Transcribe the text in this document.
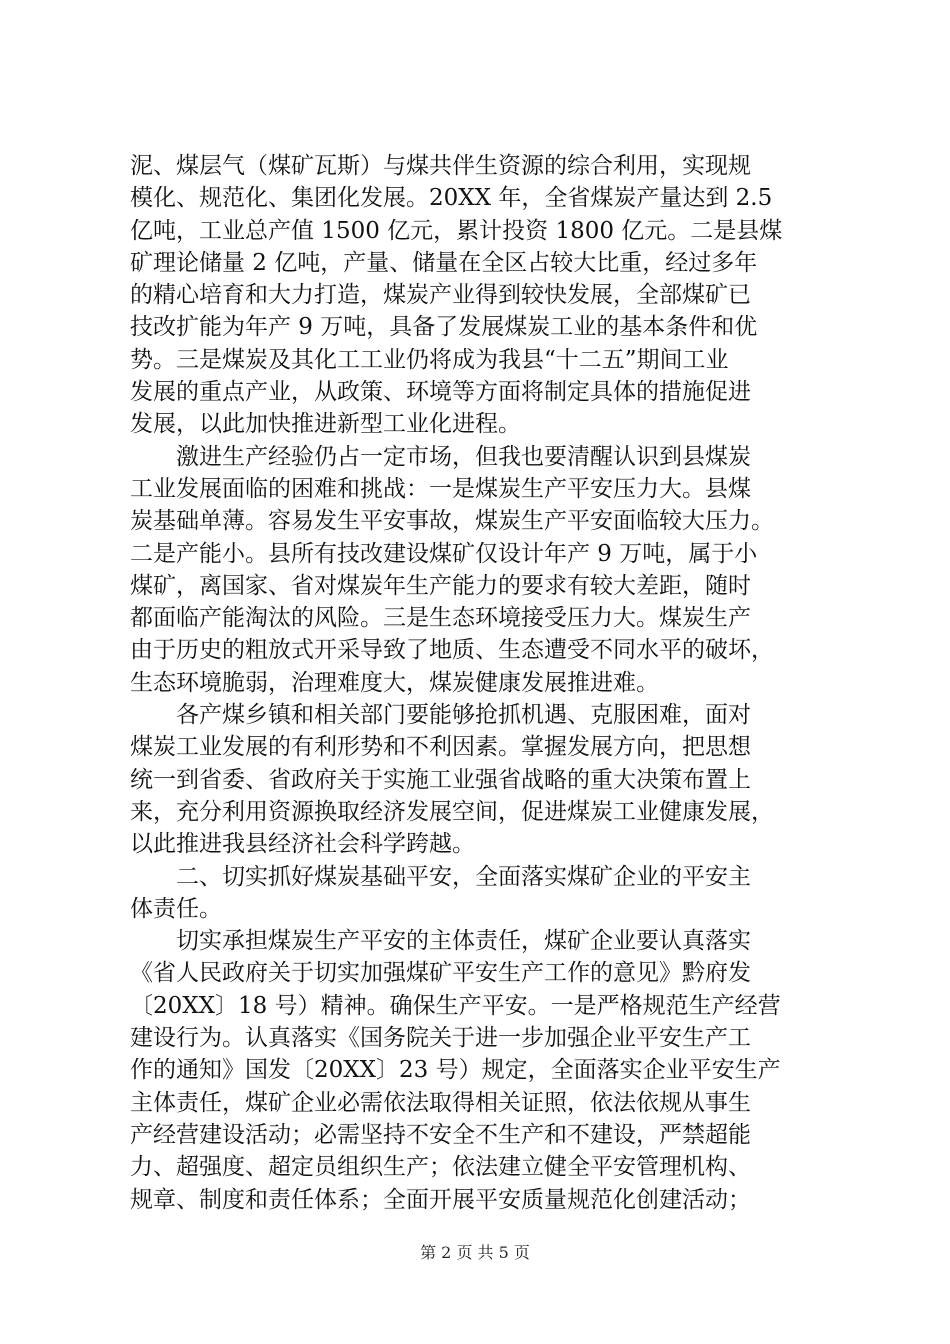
泥、煤层气（煤矿瓦斯）与煤共伴生资源的综合利用，实现规
模化、规范化、集团化发展。20XX 年，全省煤炭产量达到 2.5
亿吨，工业总产值 1500 亿元，累计投资 1800 亿元。二是县煤
矿理论储量 2 亿吨，产量、储量在全区占较大比重，经过多年
的精心培育和大力打造，煤炭产业得到较快发展，全部煤矿已
技改扩能为年产 9 万吨，具备了发展煤炭工业的基本条件和优
势。三是煤炭及其化工工业仍将成为我县“十二五”期间工业
发展的重点产业，从政策、环境等方面将制定具体的措施促进
发展，以此加快推进新型工业化进程。
　　激进生产经验仍占一定市场，但我也要清醒认识到县煤炭
工业发展面临的困难和挑战：一是煤炭生产平安压力大。县煤
炭基础单薄。容易发生平安事故，煤炭生产平安面临较大压力。
二是产能小。县所有技改建设煤矿仅设计年产 9 万吨，属于小
煤矿，离国家、省对煤炭年生产能力的要求有较大差距，随时
都面临产能淘汰的风险。三是生态环境接受压力大。煤炭生产
由于历史的粗放式开采导致了地质、生态遭受不同水平的破坏，
生态环境脆弱，治理难度大，煤炭健康发展推进难。
　　各产煤乡镇和相关部门要能够抢抓机遇、克服困难，面对
煤炭工业发展的有利形势和不利因素。掌握发展方向，把思想
统一到省委、省政府关于实施工业强省战略的重大决策布置上
来，充分利用资源换取经济发展空间，促进煤炭工业健康发展，
以此推进我县经济社会科学跨越。
　　二、切实抓好煤炭基础平安，全面落实煤矿企业的平安主
体责任。
　　切实承担煤炭生产平安的主体责任，煤矿企业要认真落实
《省人民政府关于切实加强煤矿平安生产工作的意见》黔府发
〔20XX〕18 号）精神。确保生产平安。一是严格规范生产经营
建设行为。认真落实《国务院关于进一步加强企业平安生产工
作的通知》国发〔20XX〕23 号）规定，全面落实企业平安生产
主体责任，煤矿企业必需依法取得相关证照，依法依规从事生
产经营建设活动；必需坚持不安全不生产和不建设，严禁超能
力、超强度、超定员组织生产；依法建立健全平安管理机构、
规章、制度和责任体系；全面开展平安质量规范化创建活动；
第 2 页 共 5 页
